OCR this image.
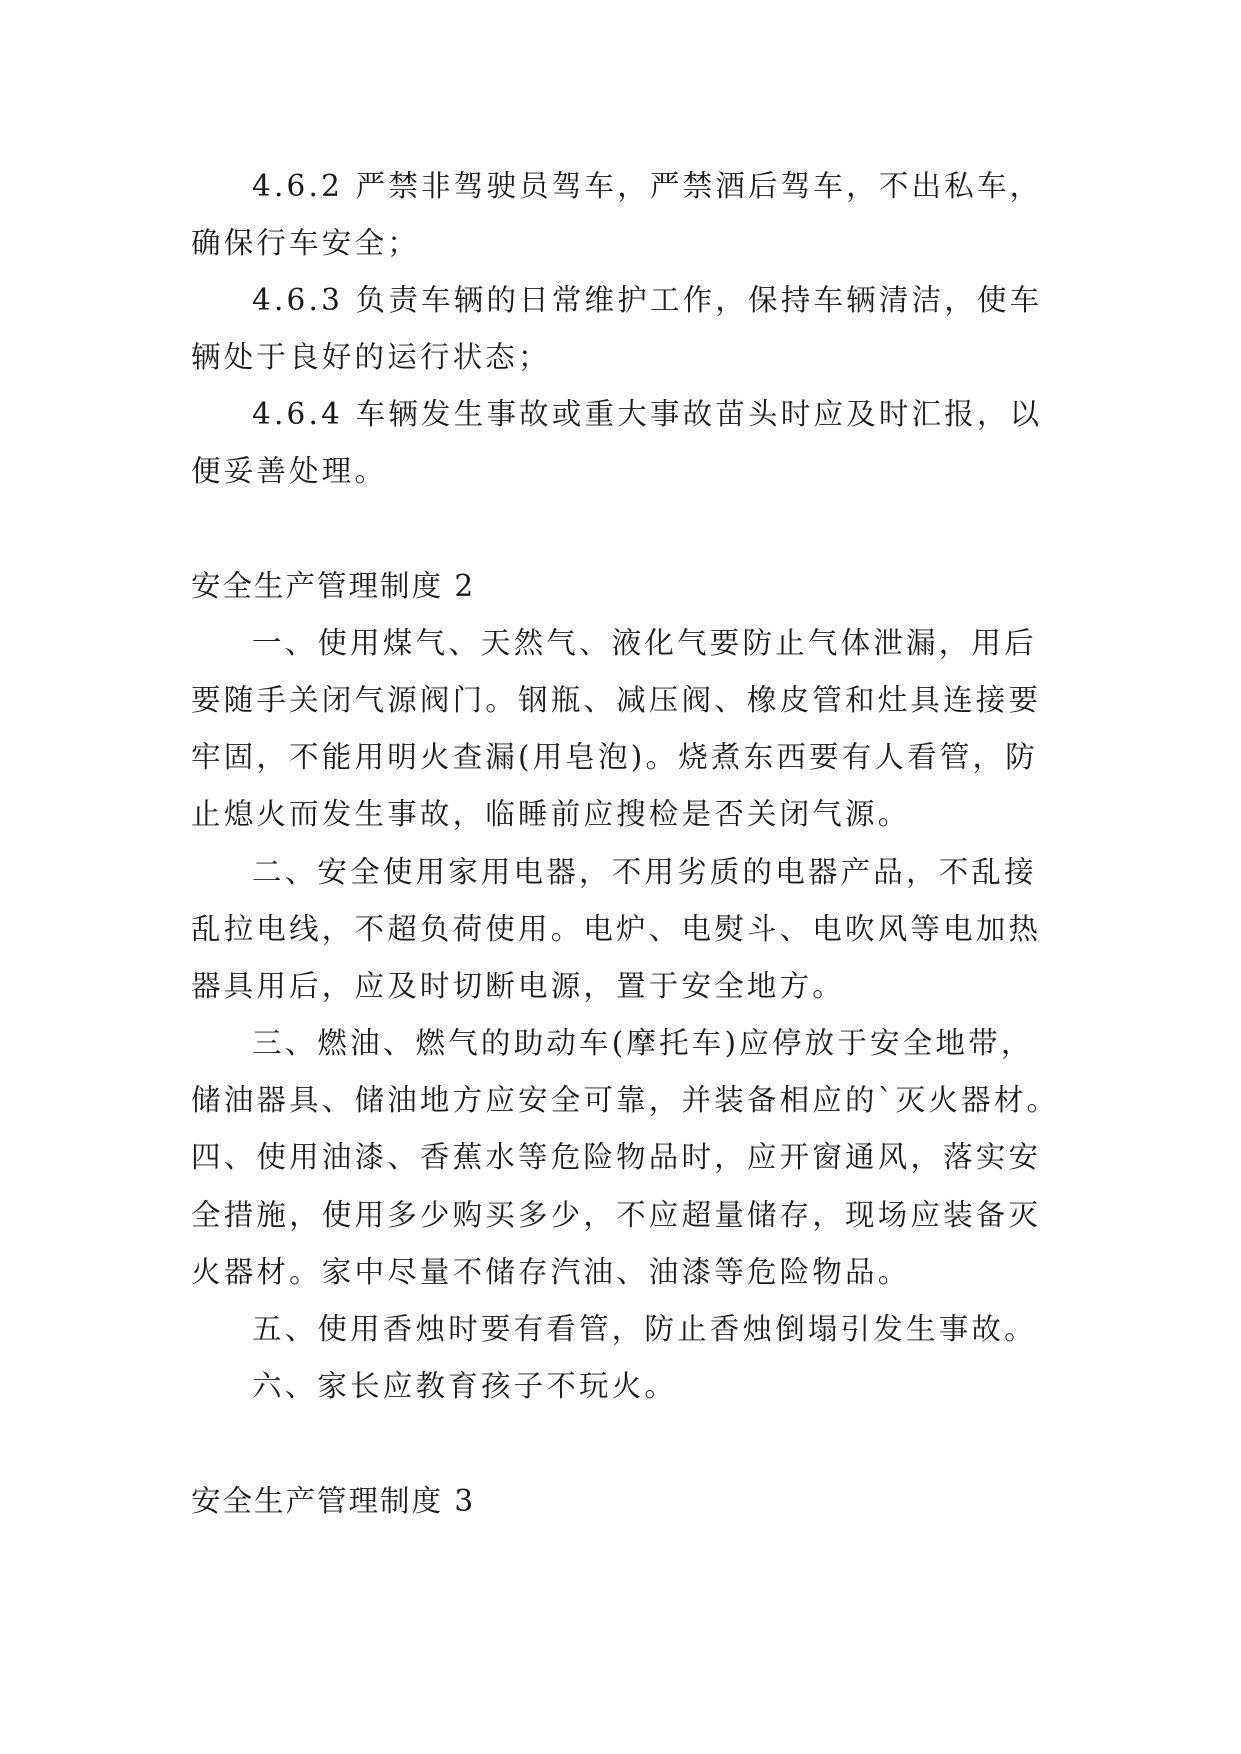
4.6.2 严禁非驾驶员驾车，严禁酒后驾车，不出私车，
确保行车安全；
4.6.3 负责车辆的日常维护工作，保持车辆清洁，使车
辆处于良好的运行状态；
4.6.4 车辆发生事故或重大事故苗头时应及时汇报，以
便妥善处理。
安全生产管理制度 2
一、使用煤气、天然气、液化气要防止气体泄漏，用后
要随手关闭气源阀门。钢瓶、减压阀、橡皮管和灶具连接要
牢固，不能用明火查漏(用皂泡)。烧煮东西要有人看管，防
止熄火而发生事故，临睡前应搜检是否关闭气源。
二、安全使用家用电器，不用劣质的电器产品，不乱接
乱拉电线，不超负荷使用。电炉、电熨斗、电吹风等电加热
器具用后，应及时切断电源，置于安全地方。
三、燃油、燃气的助动车(摩托车)应停放于安全地带，
储油器具、储油地方应安全可靠，并装备相应的`灭火器材。
四、使用油漆、香蕉水等危险物品时，应开窗通风，落实安
全措施，使用多少购买多少，不应超量储存，现场应装备灭
火器材。家中尽量不储存汽油、油漆等危险物品。
五、使用香烛时要有看管，防止香烛倒塌引发生事故。
六、家长应教育孩子不玩火。
安全生产管理制度 3
